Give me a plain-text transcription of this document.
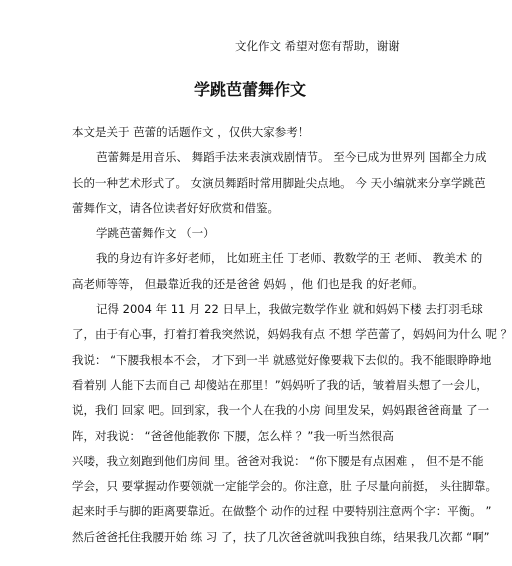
文化作文 希望对您有帮助，谢谢
学跳芭蕾舞作文

本文是关于 芭蕾的话题作文 ，仅供大家参考！

芭蕾舞是用音乐、 舞蹈手法来表演戏剧情节。 至今已成为世界列 国都全力成

长的一种艺术形式了。 女演员舞蹈时常用脚趾尖点地。 今 天小编就来分享学跳芭

蕾舞作文，请各位读者好好欣赏和借鉴。

学跳芭蕾舞作文 （一）

我的身边有许多好老师， 比如班主任 丁老师、教数学的王 老师、 教美术 的

高老师等等， 但最靠近我的还是爸爸 妈妈 ，他 们也是我 的好老师。

记得 2004 年 11 月 22 日早上，我做完数学作业 就和妈妈下楼 去打羽毛球

了，由于有心事，打着打着我突然说，妈妈我有点 不想 学芭蕾了，妈妈问为什么 呢 ？

我说： “下腰我根本不会， 才下到一半 就感觉好像要栽下去似的。我不能眼睁睁地

看着别 人能下去而自己 却傻站在那里！”妈妈听了我的话，皱着眉头想了一会儿，

说，我们 回家 吧。回到家，我一个人在我的小房 间里发呆，妈妈跟爸爸商量 了一

阵，对我说： “爸爸他能教你 下腰，怎么样 ？”我一听当然很高

兴喽，我立刻跑到他们房间 里。爸爸对我说： “你下腰是有点困难 ， 但不是不能

学会，只 要掌握动作要领就一定能学会的。你注意，肚 子尽量向前挺， 头往脚靠。

起来时手与脚的距离要靠近。在做整个 动作的过程 中要特别注意两个字：平衡。 ”

然后爸爸托住我腰开始 练 习 了，扶了几次爸爸就叫我独自练，结果我几次都 “啊”
